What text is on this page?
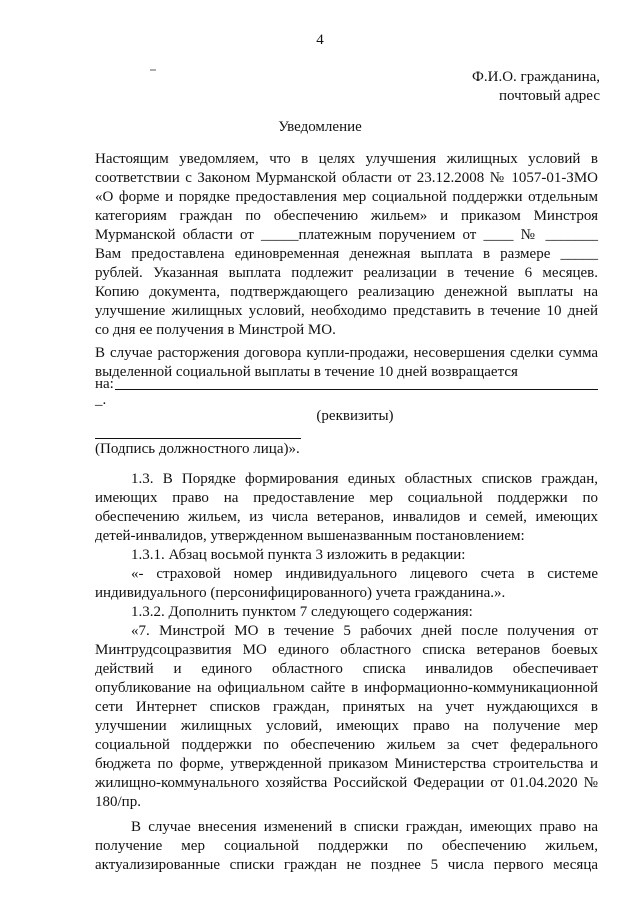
4
Ф.И.О. гражданина,
почтовый адрес
Уведомление
Настоящим уведомляем, что в целях улучшения жилищных условий в
соответствии с Законом Мурманской области от 23.12.2008 № 1057-01-ЗМО
«О форме и порядке предоставления мер социальной поддержки отдельным
категориям граждан по обеспечению жильем» и приказом Минстроя
Мурманской области от _____платежным поручением от ____ № _______
Вам предоставлена единовременная денежная выплата в размере _____
рублей. Указанная выплата подлежит реализации в течение 6 месяцев.
Копию документа, подтверждающего реализацию денежной выплаты на
улучшение жилищных условий, необходимо представить в течение 10 дней
со дня ее получения в Минстрой МО.
В случае расторжения договора купли-продажи, несовершения сделки сумма
выделенной социальной выплаты в течение 10 дней возвращается
на:
_.
(реквизиты)
(Подпись должностного лица)».
1.3. В Порядке формирования единых областных списков граждан,
имеющих право на предоставление мер социальной поддержки по
обеспечению жильем, из числа ветеранов, инвалидов и семей, имеющих
детей-инвалидов, утвержденном вышеназванным постановлением:
1.3.1. Абзац восьмой пункта 3 изложить в редакции:
«- страховой номер индивидуального лицевого счета в системе
индивидуального (персонифицированного) учета гражданина.».
1.3.2. Дополнить пунктом 7 следующего содержания:
«7. Минстрой МО в течение 5 рабочих дней после получения от
Минтрудсоцразвития МО единого областного списка ветеранов боевых
действий и единого областного списка инвалидов обеспечивает
опубликование на официальном сайте в информационно-коммуникационной
сети Интернет списков граждан, принятых на учет нуждающихся в
улучшении жилищных условий, имеющих право на получение мер
социальной поддержки по обеспечению жильем за счет федерального
бюджета по форме, утвержденной приказом Министерства строительства и
жилищно-коммунального хозяйства Российской Федерации от 01.04.2020 №
180/пр.
В случае внесения изменений в списки граждан, имеющих право на
получение мер социальной поддержки по обеспечению жильем,
актуализированные списки граждан не позднее 5 числа первого месяца
